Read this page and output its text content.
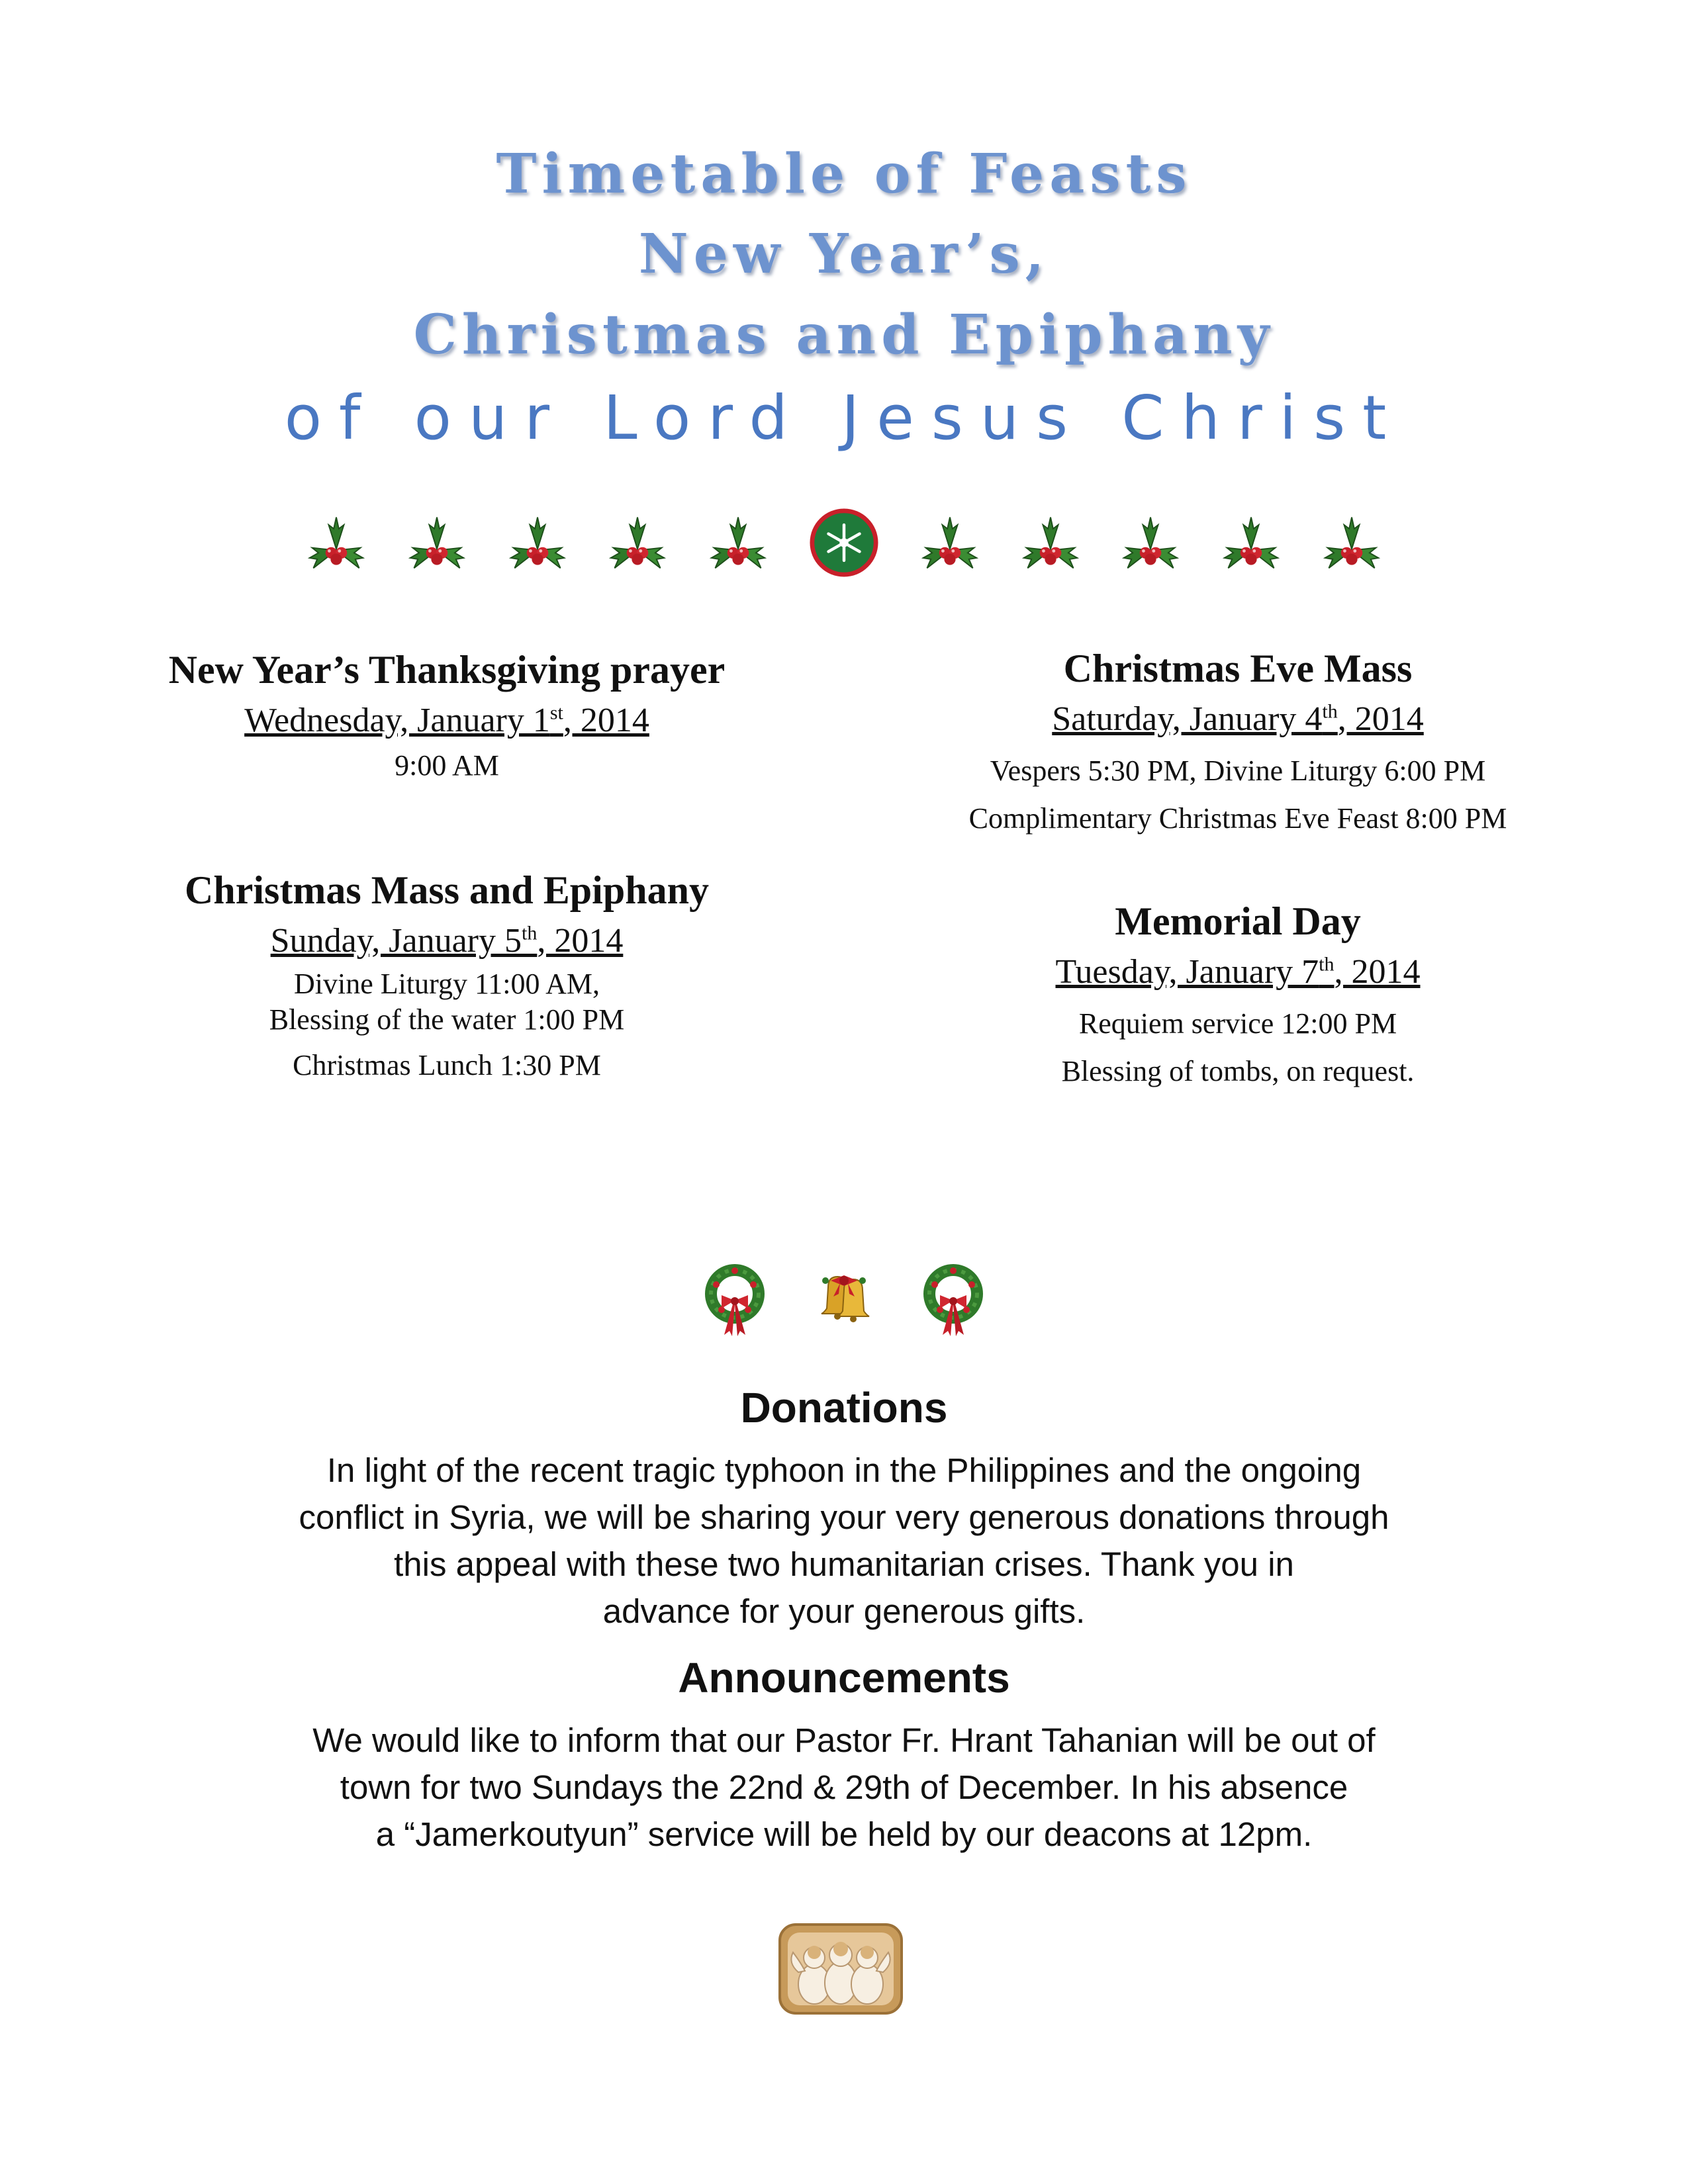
Timetable of Feasts
New Year’s,
Christmas and Epiphany
of our Lord Jesus Christ
New Year’s Thanksgiving prayer
Wednesday, January 1st, 2014
9:00 AM
Christmas Mass and Epiphany
Sunday, January 5th, 2014
Divine Liturgy 11:00 AM,
Blessing of the water 1:00 PM
Christmas Lunch 1:30 PM
Christmas Eve Mass
Saturday, January 4th, 2014
Vespers 5:30 PM, Divine Liturgy 6:00 PM
Complimentary Christmas Eve Feast 8:00 PM
Memorial Day
Tuesday, January 7th, 2014
Requiem service 12:00 PM
Blessing of tombs, on request.
Donations
In light of the recent tragic typhoon in the Philippines and the ongoing
conflict in Syria, we will be sharing your very generous donations through
this appeal with these two humanitarian crises. Thank you in
advance for your generous gifts.
Announcements
We would like to inform that our Pastor Fr. Hrant Tahanian will be out of
town for two Sundays the 22nd & 29th of December. In his absence
a “Jamerkoutyun” service will be held by our deacons at 12pm.
